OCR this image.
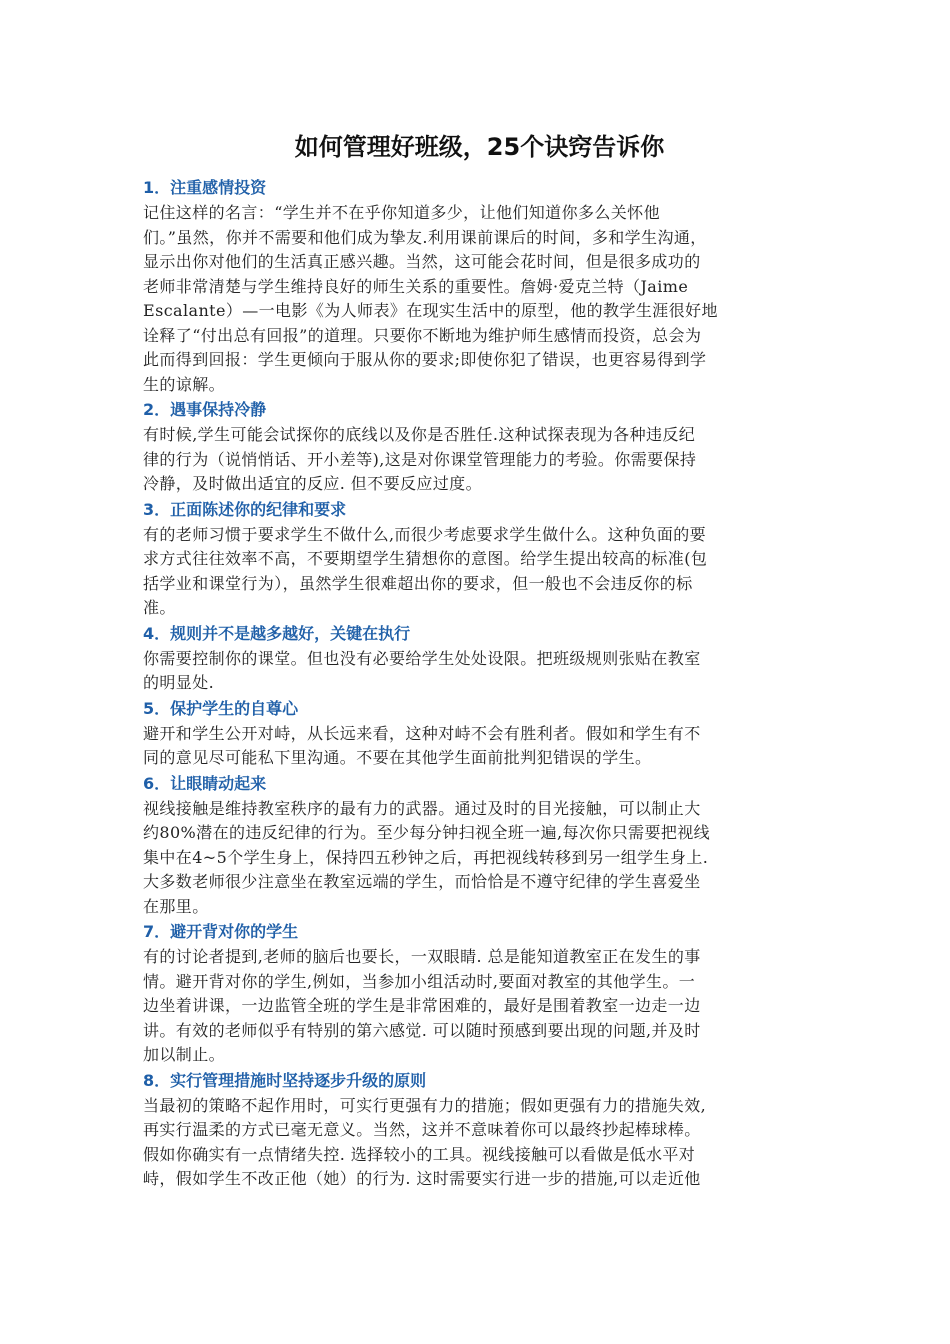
如何管理好班级，25个诀窍告诉你
1．注重感情投资

记住这样的名言：“学生并不在乎你知道多少，让他们知道你多么关怀他
们。”虽然，你并不需要和他们成为挚友.利用课前课后的时间，多和学生沟通，
显示出你对他们的生活真正感兴趣。当然，这可能会花时间，但是很多成功的
老师非常清楚与学生维持良好的师生关系的重要性。詹姆·爱克兰特（Jaime
Escalante）—一电影《为人师表》在现实生活中的原型，他的教学生涯很好地
诠释了“付出总有回报”的道理。只要你不断地为维护师生感情而投资，总会为
此而得到回报：学生更倾向于服从你的要求;即使你犯了错误，也更容易得到学
生的谅解。

2．遇事保持冷静

有时候,学生可能会试探你的底线以及你是否胜任.这种试探表现为各种违反纪
律的行为（说悄悄话、开小差等),这是对你课堂管理能力的考验。你需要保持
冷静，及时做出适宜的反应. 但不要反应过度。

3．正面陈述你的纪律和要求

有的老师习惯于要求学生不做什么,而很少考虑要求学生做什么。这种负面的要
求方式往往效率不高，不要期望学生猜想你的意图。给学生提出较高的标准(包
括学业和课堂行为），虽然学生很难超出你的要求，但一般也不会违反你的标
准。

4．规则并不是越多越好，关键在执行

你需要控制你的课堂。但也没有必要给学生处处设限。把班级规则张贴在教室
的明显处.

5．保护学生的自尊心

避开和学生公开对峙，从长远来看，这种对峙不会有胜利者。假如和学生有不
同的意见尽可能私下里沟通。不要在其他学生面前批判犯错误的学生。

6．让眼睛动起来

视线接触是维持教室秩序的最有力的武器。通过及时的目光接触，可以制止大
约80%潜在的违反纪律的行为。至少每分钟扫视全班一遍,每次你只需要把视线
集中在4~5个学生身上，保持四五秒钟之后，再把视线转移到另一组学生身上.
大多数老师很少注意坐在教室远端的学生，而恰恰是不遵守纪律的学生喜爱坐
在那里。

7．避开背对你的学生

有的讨论者提到,老师的脑后也要长，一双眼睛. 总是能知道教室正在发生的事
情。避开背对你的学生,例如，当参加小组活动时,要面对教室的其他学生。一
边坐着讲课，一边监管全班的学生是非常困难的，最好是围着教室一边走一边
讲。有效的老师似乎有特别的第六感觉. 可以随时预感到要出现的问题,并及时
加以制止。

8．实行管理措施时坚持逐步升级的原则

当最初的策略不起作用时，可实行更强有力的措施；假如更强有力的措施失效,
再实行温柔的方式已毫无意义。当然，这并不意味着你可以最终抄起棒球棒。
假如你确实有一点情绪失控. 选择较小的工具。视线接触可以看做是低水平对
峙，假如学生不改正他（她）的行为. 这时需要实行进一步的措施,可以走近他
